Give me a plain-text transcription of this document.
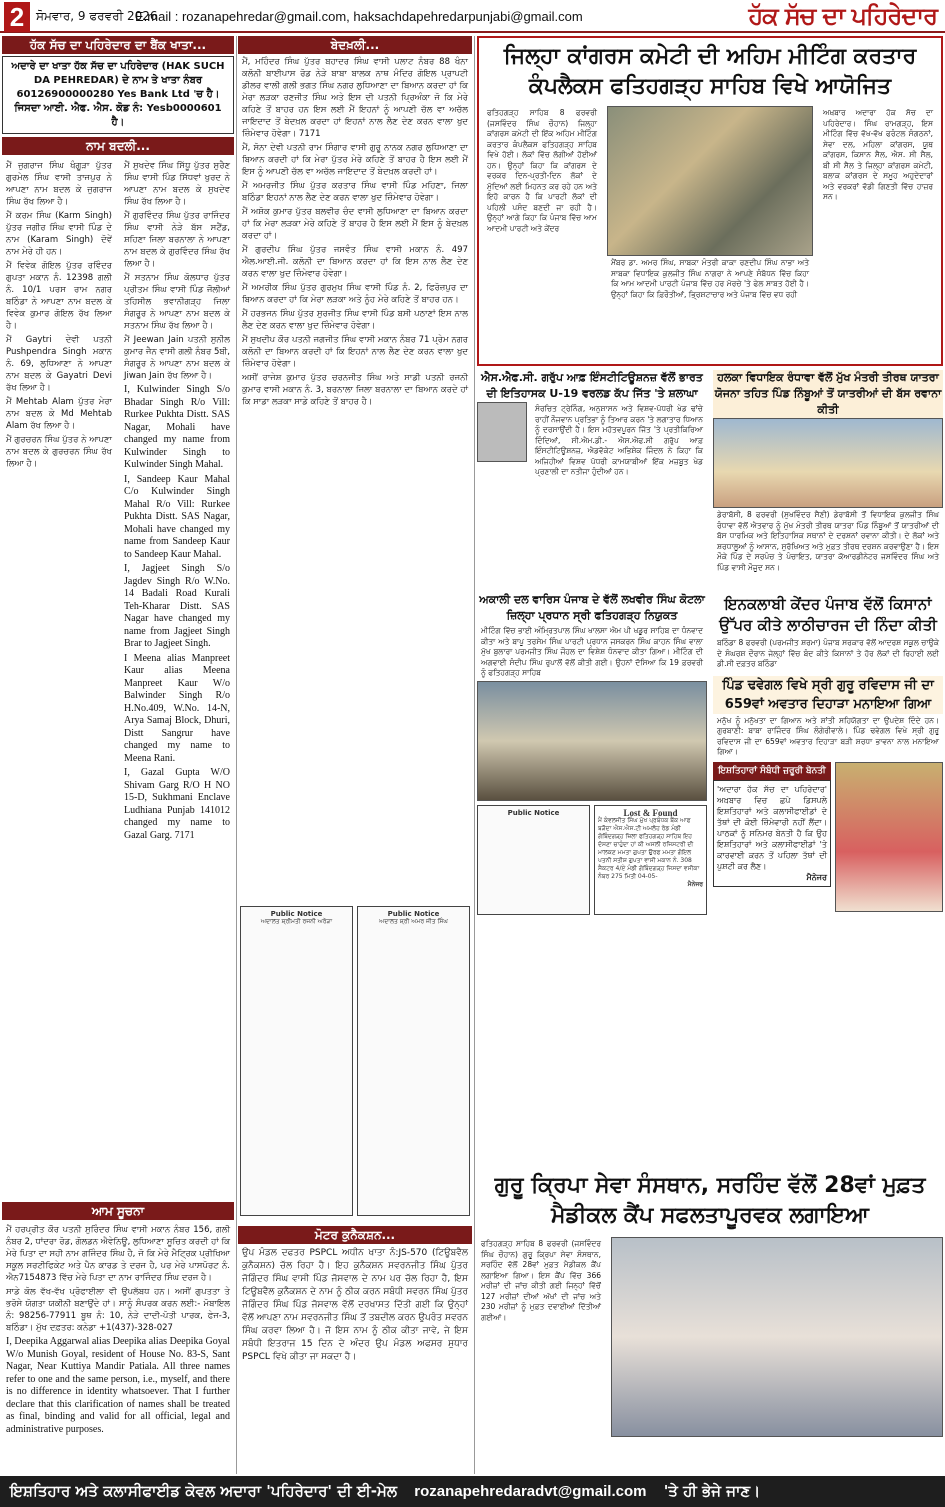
2 ਸੋਮਵਾਰ, 9 ਫਰਵਰੀ 2026
E.mail : rozanapehredar@gmail.com, haksachdapehredarpunjabi@gmail.com	ਹੱਕ ਸੱਚ ਦਾ ਪਹਿਰੇਦਾਰ
ਹੱਕ ਸੱਚ ਦਾ ਪਹਿਰੇਦਾਰ ਦਾ ਬੈਂਕ ਖਾਤਾ...
ਅਦਾਰੇ ਦਾ ਖਾਤਾ ਹੱਕ ਸੱਚ ਦਾ ਪਹਿਰੇਦਾਰ (HAK SUCH DA PEHREDAR) ਦੇ ਨਾਮ ਤੇ ਖਾਤਾ ਨੰਬਰ 60126900000280 Yes Bank Ltd 'ਚ ਹੈ। ਜਿਸਦਾ ਆਈ. ਐਫ. ਐਸ. ਕੋਡ ਨੰ: Yesb0000601 ਹੈ।
ਨਾਮ ਬਦਲੀ...

ਮੈਂ ਜੁਗਰਾਜ ਸਿੰਘ ਖੰਗੂੜਾ ਪੁੱਤਰ ਗੁਰਮੇਲ ਸਿੰਘ ਵਾਸੀ ਤਾਜਪੁਰ ਨੇ ਆਪਣਾ ਨਾਮ ਬਦਲ ਕੇ ਜੁਗਰਾਜ ਸਿੰਘ ਰੱਖ ਲਿਆ ਹੈ।

ਮੈਂ ਕਰਮ ਸਿੰਘ (Karm Singh) ਪੁੱਤਰ ਜਗੀਰ ਸਿੰਘ ਵਾਸੀ ਪਿੰਡ ਦੇ ਨਾਮ (Karam Singh) ਦੋਵੇਂ ਨਾਮ ਮੇਰੇ ਹੀ ਹਨ।

ਮੈਂ ਵਿਵੇਕ ਗੋਇਲ ਪੁੱਤਰ ਰਵਿੰਦਰ ਗੁਪਤਾ ਮਕਾਨ ਨੰ. 12398 ਗਲੀ ਨੰ. 10/1 ਪਰਸ ਰਾਮ ਨਗਰ ਬਠਿੰਡਾ ਨੇ ਆਪਣਾ ਨਾਮ ਬਦਲ ਕੇ ਵਿਵੇਕ ਕੁਮਾਰ ਗੋਇਲ ਰੱਖ ਲਿਆ ਹੈ।

ਮੈਂ Gaytri ਦੇਵੀ ਪਤਨੀ Pushpendra Singh ਮਕਾਨ ਨੰ. 69, ਲੁਧਿਆਣਾ ਨੇ ਆਪਣਾ ਨਾਮ ਬਦਲ ਕੇ Gayatri Devi ਰੱਖ ਲਿਆ ਹੈ।

ਮੈਂ Mehtab Alam ਪੁੱਤਰ ਮੇਰਾ ਨਾਮ ਬਦਲ ਕੇ Md Mehtab Alam ਰੱਖ ਲਿਆ ਹੈ।

ਮੈਂ ਗੁਰਚਰਨ ਸਿੰਘ ਪੁੱਤਰ ਨੇ ਆਪਣਾ ਨਾਮ ਬਦਲ ਕੇ ਗੁਰਚਰਨ ਸਿੰਘ ਰੱਖ ਲਿਆ ਹੈ।

ਮੈਂ ਸੁਖਦੇਵ ਸਿੰਘ ਸਿੱਧੂ ਪੁੱਤਰ ਸੁਰੈਣ ਸਿੰਘ ਵਾਸੀ ਪਿੰਡ ਸਿੱਧਵਾਂ ਖੁਰਦ ਨੇ ਆਪਣਾ ਨਾਮ ਬਦਲ ਕੇ ਸੁਖਦੇਵ ਸਿੰਘ ਰੱਖ ਲਿਆ ਹੈ।

ਮੈਂ ਗੁਰਵਿੰਦਰ ਸਿੰਘ ਪੁੱਤਰ ਰਾਜਿੰਦਰ ਸਿੰਘ ਵਾਸੀ ਨੇੜੇ ਬੱਸ ਸਟੈਂਡ, ਸ਼ਹਿਣਾ ਜਿਲਾ ਬਰਨਾਲਾ ਨੇ ਆਪਣਾ ਨਾਮ ਬਦਲ ਕੇ ਗੁਰਵਿੰਦਰ ਸਿੰਘ ਰੱਖ ਲਿਆ ਹੈ।

ਮੈਂ ਸਤਨਾਮ ਸਿੰਘ ਕੋਲਧਾਰ ਪੁੱਤਰ ਪ੍ਰੀਤਮ ਸਿੰਘ ਵਾਸੀ ਪਿੰਡ ਜੌਲੀਆਂ ਤਹਿਸੀਲ ਭਵਾਨੀਗੜ੍ਹ ਜਿਲਾ ਸੰਗਰੂਰ ਨੇ ਆਪਣਾ ਨਾਮ ਬਦਲ ਕੇ ਸਤਨਾਮ ਸਿੰਘ ਰੱਖ ਲਿਆ ਹੈ।

ਮੈਂ Jeewan Jain ਪਤਨੀ ਸੁਨੀਲ ਕੁਮਾਰ ਜੈਨ ਵਾਸੀ ਗਲੀ ਨੰਬਰ 5ਬੀ, ਸੰਗਰੂਰ ਨੇ ਆਪਣਾ ਨਾਮ ਬਦਲ ਕੇ Jiwan Jain ਰੱਖ ਲਿਆ ਹੈ।

I, Kulwinder Singh S/o Bhadar Singh R/o Vill: Rurkee Pukhta Distt. SAS Nagar, Mohali have changed my name from Kulwinder Singh to Kulwinder Singh Mahal.

I, Sandeep Kaur Mahal C/o Kulwinder Singh Mahal R/o Vill: Rurkee Pukhta Distt. SAS Nagar, Mohali have changed my name from Sandeep Kaur to Sandeep Kaur Mahal.

I, Jagjeet Singh S/o Jagdev Singh R/o W.No. 14 Badali Road Kurali Teh-Kharar Distt. SAS Nagar have changed my name from Jagjeet Singh Brar to Jagjeet Singh.

I Meena alias Manpreet Kaur alias Meena Manpreet Kaur W/o Balwinder Singh R/o H.No.409, W.No. 14-N, Arya Samaj Block, Dhuri, Distt Sangrur have changed my name to Meena Rani.

I, Gazal Gupta W/O Shivam Garg R/O H NO 15-D, Sukhmani Enclave Ludhiana Punjab 141012 changed my name to Gazal Garg. 7171

ਆਮ ਸੂਚਨਾ

ਮੈਂ ਹਰਪ੍ਰੀਤ ਕੌਰ ਪਤਨੀ ਸੁਰਿੰਦਰ ਸਿੰਘ ਵਾਸੀ ਮਕਾਨ ਨੰਬਰ 156, ਗਲੀ ਨੰਬਰ 2, ਧਾਂਦਰਾ ਰੋਡ, ਗੋਲਡਨ ਐਵੇਨਿਊ, ਲੁਧਿਆਣਾ ਸੂਚਿਤ ਕਰਦੀ ਹਾਂ ਕਿ ਮੇਰੇ ਪਿਤਾ ਦਾ ਸਹੀ ਨਾਮ ਗਜਿੰਦਰ ਸਿੰਘ ਹੈ, ਜੋ ਕਿ ਮੇਰੇ ਮੈਟ੍ਰਿਕ ਪ੍ਰੀਖਿਆ ਸਕੂਲ ਸਰਟੀਫਿਕੇਟ ਅਤੇ ਪੈਨ ਕਾਰਡ ਤੇ ਦਰਜ ਹੈ, ਪਰ ਮੇਰੇ ਪਾਸਪੋਰਟ ਨੰ. ਐਨ7154873 ਵਿੱਚ ਮੇਰੇ ਪਿਤਾ ਦਾ ਨਾਮ ਰਾਜਿੰਦਰ ਸਿੰਘ ਦਰਜ ਹੈ।

ਸਾਡੇ ਕੋਲ ਵੱਖ-ਵੱਖ ਪ੍ਰੋਫਾਈਲਾ ਵੀ ਉਪਲੱਬਧ ਹਨ। ਅਸੀਂ ਗੁਪਤਤਾ ਤੇ ਭਰੋਸੇ ਯੋਗਤਾ ਯਕੀਨੀ ਬਣਾਉਂਦੇ ਹਾਂ। ਸਾਨੂੰ ਸੰਪਰਕ ਕਰਨ ਲਈ:- ਮੋਬਾਇਲ ਨੰ: 98256-77911 ਬੂਥ ਨੰ: 10, ਨੇੜੇ ਦਾਦੀ-ਪੋਤੀ ਪਾਰਕ, ਫੇਜ-3, ਬਠਿੰਡਾ। ਮੁੱਖ ਦਫ਼ਤਰ: ਕਨੇਡਾ +1(437)-328-027

I, Deepika Aggarwal alias Deepika alias Deepika Goyal W/o Munish Goyal, resident of House No. 83-S, Sant Nagar, Near Kuttiya Mandir Patiala. All three names refer to one and the same person, i.e., myself, and there is no difference in identity whatsoever. That I further declare that this clarification of names shall be treated as final, binding and valid for all official, legal and administrative purposes.

ਬੇਦਖ਼ਲੀ...

ਮੈਂ, ਮਹਿੰਦਰ ਸਿੰਘ ਪੁੱਤਰ ਬਹਾਦਰ ਸਿੰਘ ਵਾਸੀ ਪਲਾਟ ਨੰਬਰ 88 ਖੰਨਾ ਕਲੋਨੀ ਬਾਈਪਾਸ ਰੋਡ ਨੇੜੇ ਬਾਬਾ ਬਾਲਕ ਨਾਥ ਮੰਦਿਰ ਗੋਇਲ ਪ੍ਰਾਪਟੀ ਡੀਲਰ ਵਾਲੀ ਗਲੀ ਭਗਤ ਸਿੰਘ ਨਗਰ ਲੁਧਿਆਣਾ ਦਾ ਬਿਆਨ ਕਰਦਾ ਹਾਂ ਕਿ ਮੇਰਾ ਲੜਕਾ ਰਣਜੀਤ ਸਿੰਘ ਅਤੇ ਇਸ ਦੀ ਪਤਨੀ ਪ੍ਰਿਅੰਕਾ ਜੋ ਕਿ ਮੇਰੇ ਕਹਿਣੇ ਤੋਂ ਬਾਹਰ ਹਨ ਇਸ ਲਈ ਮੈਂ ਇਹਨਾਂ ਨੂੰ ਆਪਣੀ ਚੱਲ ਵਾ ਅਚੱਲ ਜਾਇਦਾਦ ਤੋਂ ਬੇਦਖ਼ਲ ਕਰਦਾ ਹਾਂ ਇਹਨਾਂ ਨਾਲ ਲੈਣ ਦੇਣ ਕਰਨ ਵਾਲਾ ਖੁਦ ਜ਼ਿੰਮੇਵਾਰ ਹੋਵੇਗਾ। 7171

ਮੈਂ, ਸੋਨਾ ਦੇਵੀ ਪਤਨੀ ਰਾਮ ਸਿੰਗਾਰ ਵਾਸੀ ਗੁਰੂ ਨਾਨਕ ਨਗਰ ਲੁਧਿਆਣਾ ਦਾ ਬਿਆਨ ਕਰਦੀ ਹਾਂ ਕਿ ਮੇਰਾ ਪੁੱਤਰ ਮੇਰੇ ਕਹਿਣੇ ਤੋਂ ਬਾਹਰ ਹੈ ਇਸ ਲਈ ਮੈਂ ਇਸ ਨੂੰ ਆਪਣੀ ਚੱਲ ਵਾ ਅਚੱਲ ਜਾਇਦਾਦ ਤੋਂ ਬੇਦਖ਼ਲ ਕਰਦੀ ਹਾਂ।

ਮੈਂ ਅਮਰਜੀਤ ਸਿੰਘ ਪੁੱਤਰ ਕਰਤਾਰ ਸਿੰਘ ਵਾਸੀ ਪਿੰਡ ਮਹਿਣਾ, ਜਿਲਾ ਬਠਿੰਡਾ ਇਹਨਾਂ ਨਾਲ ਲੈਣ ਦੇਣ ਕਰਨ ਵਾਲਾ ਖੁਦ ਜ਼ਿੰਮੇਵਾਰ ਹੋਵੇਗਾ।

ਮੈਂ ਅਸ਼ੋਕ ਕੁਮਾਰ ਪੁੱਤਰ ਬਲਵੀਰ ਚੰਦ ਵਾਸੀ ਲੁਧਿਆਣਾ ਦਾ ਬਿਆਨ ਕਰਦਾ ਹਾਂ ਕਿ ਮੇਰਾ ਲੜਕਾ ਮੇਰੇ ਕਹਿਣੇ ਤੋਂ ਬਾਹਰ ਹੈ ਇਸ ਲਈ ਮੈਂ ਇਸ ਨੂੰ ਬੇਦਖ਼ਲ ਕਰਦਾ ਹਾਂ।

ਮੈਂ ਗੁਰਦੀਪ ਸਿੰਘ ਪੁੱਤਰ ਜਸਵੰਤ ਸਿੰਘ ਵਾਸੀ ਮਕਾਨ ਨੰ. 497 ਐਲ.ਆਈ.ਜੀ. ਕਲੋਨੀ ਦਾ ਬਿਆਨ ਕਰਦਾ ਹਾਂ ਕਿ ਇਸ ਨਾਲ ਲੈਣ ਦੇਣ ਕਰਨ ਵਾਲਾ ਖੁਦ ਜ਼ਿੰਮੇਵਾਰ ਹੋਵੇਗਾ।

ਮੈਂ ਅਮਰੀਕ ਸਿੰਘ ਪੁੱਤਰ ਗੁਰਮੁਖ ਸਿੰਘ ਵਾਸੀ ਪਿੰਡ ਨੰ. 2, ਫਿਰੋਜ਼ਪੁਰ ਦਾ ਬਿਆਨ ਕਰਦਾ ਹਾਂ ਕਿ ਮੇਰਾ ਲੜਕਾ ਅਤੇ ਨੂੰਹ ਮੇਰੇ ਕਹਿਣੇ ਤੋਂ ਬਾਹਰ ਹਨ।

ਮੈਂ ਹਰਭਜਨ ਸਿੰਘ ਪੁੱਤਰ ਸੁਰਜੀਤ ਸਿੰਘ ਵਾਸੀ ਪਿੰਡ ਬਸੀ ਪਠਾਣਾਂ ਇਸ ਨਾਲ ਲੈਣ ਦੇਣ ਕਰਨ ਵਾਲਾ ਖੁਦ ਜ਼ਿੰਮੇਵਾਰ ਹੋਵੇਗਾ।

ਮੈਂ ਸੁਖਦੀਪ ਕੌਰ ਪਤਨੀ ਜਗਜੀਤ ਸਿੰਘ ਵਾਸੀ ਮਕਾਨ ਨੰਬਰ 71 ਪ੍ਰੇਮ ਨਗਰ ਕਲੋਨੀ ਦਾ ਬਿਆਨ ਕਰਦੀ ਹਾਂ ਕਿ ਇਹਨਾਂ ਨਾਲ ਲੈਣ ਦੇਣ ਕਰਨ ਵਾਲਾ ਖੁਦ ਜ਼ਿੰਮੇਵਾਰ ਹੋਵੇਗਾ।

ਅਸੀਂ ਰਾਜੇਸ਼ ਕੁਮਾਰ ਪੁੱਤਰ ਚਰਨਜੀਤ ਸਿੰਘ ਅਤੇ ਸਾਡੀ ਪਤਨੀ ਰਜਨੀ ਕੁਮਾਰ ਵਾਸੀ ਮਕਾਨ ਨੰ. 3, ਬਰਨਾਲਾ ਜਿਲਾ ਬਰਨਾਲਾ ਦਾ ਬਿਆਨ ਕਰਦੇ ਹਾਂ ਕਿ ਸਾਡਾ ਲੜਕਾ ਸਾਡੇ ਕਹਿਣੇ ਤੋਂ ਬਾਹਰ ਹੈ।

Public Notice
ਅਦਾਲਤ ਸ਼੍ਰੀਮਤੀ ਰਜਨੀ ਅਰੋੜਾ
Public Notice
ਅਦਾਲਤ ਸ਼੍ਰੀ ਅਮਰ ਜੀਤ ਸਿੰਘ
ਮੋਟਰ ਕੁਨੈਕਸ਼ਨ...

ਉਪ ਮੰਡਲ ਦਫਤਰ PSPCL ਅਧੀਨ ਖਾਤਾ ਨੰ:JS-570 (ਟਿਊਬਵੈਲ ਕੁਨੈਕਸ਼ਨ) ਚੱਲ ਰਿਹਾ ਹੈ। ਇਹ ਕੁਨੈਕਸ਼ਨ ਸਵਰਨਜੀਤ ਸਿੰਘ ਪੁੱਤਰ ਜੋਗਿੰਦਰ ਸਿੰਘ ਵਾਸੀ ਪਿੰਡ ਜੋਸਵਾਲ ਦੇ ਨਾਮ ਪਰ ਚੱਲ ਰਿਹਾ ਹੈ, ਇਸ ਟਿਊਬਵੈਲ ਕੁਨੈਕਸ਼ਨ ਦੇ ਨਾਮ ਨੂੰ ਠੀਕ ਕਰਨ ਸਬੰਧੀ ਸਵਰਨ ਸਿੰਘ ਪੁੱਤਰ ਜੋਗਿੰਦਰ ਸਿੰਘ ਪਿੰਡ ਜੋਸਵਾਲ ਵੱਲੋਂ ਦਰਖਾਸਤ ਦਿੱਤੀ ਗਈ ਕਿ ਉਨ੍ਹਾਂ ਵੱਲੋਂ ਆਪਣਾ ਨਾਮ ਸਵਰਨਜੀਤ ਸਿੰਘ ਤੋਂ ਤਬਦੀਲ ਕਰਨ ਉਪਰੰਤ ਸਵਰਨ ਸਿੰਘ ਕਰਵਾ ਲਿਆ ਹੈ। ਜੋ ਇਸ ਨਾਮ ਨੂੰ ਠੀਕ ਕੀਤਾ ਜਾਵੇ, ਜੇ ਇਸ ਸਬੰਧੀ ਇਤਰਾਜ 15 ਦਿਨ ਦੇ ਅੰਦਰ ਉਪ ਮੰਡਲ ਅਫਸਰ ਸੁਧਾਰ PSPCL ਵਿਖੇ ਕੀਤਾ ਜਾ ਸਕਦਾ ਹੈ।

ਜਿਲ੍ਹਾ ਕਾਂਗਰਸ ਕਮੇਟੀ ਦੀ ਅਹਿਮ ਮੀਟਿੰਗ ਕਰਤਾਰ ਕੰਪਲੈਕਸ ਫਤਿਹਗੜ੍ਹ ਸਾਹਿਬ ਵਿਖੇ ਆਯੋਜਿਤ

ਫਤਿਹਗੜ੍ਹ ਸਾਹਿਬ 8 ਫਰਵਰੀ (ਜਸਵਿੰਦਰ ਸਿੰਘ ਚੌਹਾਨ) ਜਿਲ੍ਹਾ ਕਾਂਗਰਸ ਕਮੇਟੀ ਦੀ ਇੱਕ ਅਹਿਮ ਮੀਟਿੰਗ ਕਰਤਾਰ ਕੰਪਲੈਕਸ ਫਤਿਹਗੜ੍ਹ ਸਾਹਿਬ ਵਿਖੇ ਹੋਈ। ਲੋਕਾਂ ਵਿੱਚ ਲੱਗੀਆਂ ਹੋਈਆਂ ਹਨ। ਉਨ੍ਹਾਂ ਕਿਹਾ ਕਿ ਕਾਂਗਰਸ ਦੇ ਵਰਕਰ ਦਿਨ-ਪ੍ਰਤੀ-ਦਿਨ ਲੋਕਾਂ ਦੇ ਮੁੱਦਿਆਂ ਲਈ ਮਿਹਨਤ ਕਰ ਰਹੇ ਹਨ ਅਤੇ ਇਹੋ ਕਾਰਨ ਹੈ ਕਿ ਪਾਰਟੀ ਲੋਕਾਂ ਦੀ ਪਹਿਲੀ ਪਸੰਦ ਬਣਦੀ ਜਾ ਰਹੀ ਹੈ। ਉਨ੍ਹਾਂ ਆਗੇ ਕਿਹਾ ਕਿ ਪੰਜਾਬ ਵਿੱਚ ਆਮ ਆਦਮੀ ਪਾਰਟੀ ਅਤੇ ਕੇਂਦਰ

ਮੈਂਬਰ ਡਾ. ਅਮਰ ਸਿੰਘ, ਸਾਬਕਾ ਮੰਤਰੀ ਕਾਕਾ ਰਣਦੀਪ ਸਿੰਘ ਨਾਭਾ ਅਤੇ ਸਾਬਕਾ ਵਿਧਾਇਕ ਕੁਲਜੀਤ ਸਿੰਘ ਨਾਗਰਾ ਨੇ ਆਪਣੇ ਸੰਬੋਧਨ ਵਿੱਚ ਕਿਹਾ ਕਿ ਆਮ ਆਦਮੀ ਪਾਰਟੀ ਪੰਜਾਬ ਵਿੱਚ ਹਰ ਮੋਰਚੇ 'ਤੇ ਫੇਲ ਸਾਬਤ ਹੋਈ ਹੈ। ਉਨ੍ਹਾਂ ਕਿਹਾ ਕਿ ਫ਼ਿਰੌਤੀਆਂ, ਭ੍ਰਿਸ਼ਟਾਚਾਰ ਅਤੇ ਪੰਜਾਬ ਵਿੱਚ ਵਧ ਰਹੀ

ਅਖ਼ਬਾਰ ਅਦਾਰਾ ਹੱਕ ਸੱਚ ਦਾ ਪਹਿਰੇਦਾਰ। ਸਿੰਘ ਰਾਮਗੜ੍ਹ, ਇਸ ਮੀਟਿੰਗ ਵਿੱਚ ਵੱਖ-ਵੱਖ ਫਰੰਟਲ ਸੰਗਠਨਾਂ, ਸੇਵਾ ਦਲ, ਮਹਿਲਾ ਕਾਂਗਰਸ, ਯੂਥ ਕਾਂਗਰਸ, ਕਿਸਾਨ ਸੈਲ, ਐਸ. ਸੀ ਸੈਲ, ਬੀ ਸੀ ਸੈਲ ਤੇ ਜਿਲ੍ਹਾ ਕਾਂਗਰਸ ਕਮੇਟੀ, ਬਲਾਕ ਕਾਂਗਰਸ ਦੇ ਸਮੂਹ ਅਹੁਦੇਦਾਰਾਂ ਅਤੇ ਵਰਕਰਾਂ ਵੱਡੀ ਗਿਣਤੀ ਵਿੱਚ ਹਾਜ਼ਰ ਸਨ।

ਐਸ.ਐਫ.ਸੀ. ਗਰੁੱਪ ਆਫ਼ ਇੰਸਟੀਟਿਊਸ਼ਨਜ਼ ਵੱਲੋਂ ਭਾਰਤ ਦੀ ਇਤਿਹਾਸਕ U-19 ਵਰਲਡ ਕੱਪ ਜਿੱਤ 'ਤੇ ਸ਼ਲਾਘਾ

ਸੰਰਚਿਤ ਟ੍ਰੇਨਿੰਗ, ਅਨੁਸ਼ਾਸਨ ਅਤੇ ਵਿਸ਼ਵ-ਪੱਧਰੀ ਖੇਡ ਢਾਂਚੇ ਰਾਹੀਂ ਨੌਜਵਾਨ ਪ੍ਰਤਿਭਾ ਨੂੰ ਤਿਆਰ ਕਰਨ 'ਤੇ ਲਗਾਤਾਰ ਧਿਆਨ ਨੂੰ ਦਰਸਾਉਂਦੀ ਹੈ। ਇਸ ਮਹੱਤਵਪੂਰਨ ਜਿੱਤ 'ਤੇ ਪ੍ਰਤੀਕਿਰਿਆ ਦਿੰਦਿਆਂ, ਸੀ.ਐਮ.ਡੀ.- ਐਸ.ਐਫ.ਸੀ ਗਰੁੱਪ ਆਫ਼ ਇੰਸਟੀਟਿਊਸ਼ਨਜ਼, ਐਡਵੋਕੇਟ ਅਭਿਸ਼ੇਕ ਜਿੰਦਲ ਨੇ ਕਿਹਾ ਕਿ ਅਜਿਹੀਆਂ ਵਿਸ਼ਵ ਪੱਧਰੀ ਕਾਮਯਾਬੀਆਂ ਇੱਕ ਮਜ਼ਬੂਤ ਖੇਡ ਪ੍ਰਣਾਲੀ ਦਾ ਨਤੀਜਾ ਹੁੰਦੀਆਂ ਹਨ।

ਹਲਕਾ ਵਿਧਾਇਕ ਰੰਧਾਵਾ ਵੱਲੋਂ ਮੁੱਖ ਮੰਤਰੀ ਤੀਰਥ ਯਾਤਰਾ ਯੋਜਨਾ ਤਹਿਤ ਪਿੰਡ ਨਿੰਬੂਆਂ ਤੋਂ ਯਾਤਰੀਆਂ ਦੀ ਬੱਸ ਰਵਾਨਾ ਕੀਤੀ

ਡੇਰਾਬੱਸੀ, 8 ਫਰਵਰੀ (ਸੁਖਵਿੰਦਰ ਸੈਣੀ) ਡੇਰਾਬੱਸੀ ਤੋਂ ਵਿਧਾਇਕ ਕੁਲਜੀਤ ਸਿੰਘ ਰੰਧਾਵਾ ਵੱਲੋਂ ਐਤਵਾਰ ਨੂੰ ਮੁੱਖ ਮੰਤਰੀ ਤੀਰਥ ਯਾਤਰਾ ਪਿੰਡ ਨਿੰਬੂਆਂ ਤੋਂ ਯਾਤਰੀਆਂ ਦੀ ਬੱਸ ਧਾਰਮਿਕ ਅਤੇ ਇਤਿਹਾਸਿਕ ਸਥਾਨਾਂ ਦੇ ਦਰਸ਼ਨਾਂ ਰਵਾਨਾ ਕੀਤੀ। ਦੇ ਲੋਕਾਂ ਅਤੇ ਸ਼ਰਧਾਲੂਆਂ ਨੂੰ ਆਸਾਨ, ਸੁਰੱਖਿਅਤ ਅਤੇ ਮੁਫ਼ਤ ਤੀਰਥ ਦਰਸ਼ਨ ਕਰਵਾਉਣਾ ਹੈ। ਇਸ ਮੌਕੇ ਪਿੰਡ ਦੇ ਸਰਪੰਚ ਤੇ ਪੰਚਾਇਤ, ਯਾਤਰਾ ਕੋਆਰਡੀਨੇਟਰ ਜਸਵਿੰਦਰ ਸਿੰਘ ਅਤੇ ਪਿੰਡ ਵਾਸੀ ਮੌਜੂਦ ਸਨ।

ਅਕਾਲੀ ਦਲ ਵਾਰਿਸ ਪੰਜਾਬ ਦੇ ਵੱਲੋਂ ਲਖਵੀਰ ਸਿੰਘ ਕੋਟਲਾ ਜ਼ਿਲ੍ਹਾ ਪ੍ਰਧਾਨ ਸ੍ਰੀ ਫਤਿਹਗੜ੍ਹ ਨਿਯੁਕਤ

ਮੀਟਿੰਗ ਵਿੱਚ ਭਾਈ ਅੰਮ੍ਰਿਤਪਾਲ ਸਿੰਘ ਖਾਲਸਾ ਐਮ ਪੀ ਖਡੂਰ ਸਾਹਿਬ ਦਾ ਧੰਨਵਾਦ ਕੀਤਾ ਅਤੇ ਬਾਪੂ ਤਰਸੇਮ ਸਿੰਘ ਪਾਰਟੀ ਪ੍ਰਧਾਨ ਜਸਕਰਨ ਸਿੰਘ ਕਾਹਨ ਸਿੰਘ ਵਾਲਾ ਮੁੱਖ ਬੁਲਾਰਾ ਪਰਮਜੀਤ ਸਿੰਘ ਜੌਹਲ ਦਾ ਵਿਸ਼ੇਸ਼ ਧੰਨਵਾਦ ਕੀਤਾ ਗਿਆ। ਮੀਟਿੰਗ ਦੀ ਅਗਵਾਈ ਸੰਦੀਪ ਸਿੰਘ ਰੁਪਾਲੋਂ ਵੱਲੋਂ ਕੀਤੀ ਗਈ। ਉਹਨਾਂ ਦੱਸਿਆ ਕਿ 19 ਫ਼ਰਵਰੀ ਨੂੰ ਫਤਿਹਗੜ੍ਹ ਸਾਹਿਬ

Public Notice	Lost & Found
ਮੈਂ ਕੰਵਲਜੀਤ ਸਿੰਘ ਮੁੱਖ ਪ੍ਰਬੰਧਕ ਬੈਂਕ ਆਫ ਬੜੌਦਾ ਐਸ.ਐਸ.ਟੀ ਅਮਲੋਹ ਰੋਡ ਮੰਡੀ ਗੋਬਿੰਦਗੜ੍ਹ ਜ਼ਿਲਾ ਫਤਿਹਗੜ੍ਹ ਸਾਹਿਬ ਇਹ ਦੱਸਣਾ ਚਾਹੁੰਦਾ ਹਾਂ ਕੀ ਅਸਲੀ ਰਜਿਸਟਰੀ ਦੀ ਮਾਲਕਣ ਮਮਤਾ ਗੁਪਤਾ ਉਰਫ ਮਮਤਾ ਗੋਇਲ ਪਤਨੀ ਸਤੀਸ਼ ਗੁਪਤਾ ਵਾਸੀ ਮਕਾਨ ਨੰ. 308 ਸੈਕਟਰ 4/ਏ ਮੰਡੀ ਗੋਬਿੰਦਗੜ੍ਹ ਜਿਸਦਾ ਵਸੀਕਾ ਨੰਬਰ 275 ਮਿਤੀ 04-05-
ਮੈਨੇਜਰ
ਇਨਕਲਾਬੀ ਕੇਂਦਰ ਪੰਜਾਬ ਵੱਲੋਂ ਕਿਸਾਨਾਂ ਉੱਪਰ ਕੀਤੇ ਲਾਠੀਚਾਰਜ ਦੀ ਨਿੰਦਾ ਕੀਤੀ

ਬਠਿੰਡਾ 8 ਫਰਵਰੀ (ਪਰਮਜੀਤ ਸ਼ਰਮਾ) ਪੰਜਾਬ ਸਰਕਾਰ ਵੱਲੋਂ ਆਦਰਸ਼ ਸਕੂਲ ਚਾਉਕੇ ਦੇ ਸੰਘਰਸ਼ ਦੌਰਾਨ ਜੇਲ੍ਹਾਂ ਵਿੱਚ ਬੰਦ ਕੀਤੇ ਕਿਸਾਨਾਂ ਤੇ ਹੋਰ ਲੋਕਾਂ ਦੀ ਰਿਹਾਈ ਲਈ ਡੀ.ਸੀ ਦਫ਼ਤਰ ਬਠਿੰਡਾ

ਪਿੰਡ ਢਵੇਗਲ ਵਿਖੇ ਸ੍ਰੀ ਗੁਰੂ ਰਵਿਦਾਸ ਜੀ ਦਾ 659ਵਾਂ ਅਵਤਾਰ ਦਿਹਾੜਾ ਮਨਾਇਆ ਗਿਆ

ਮਨੁੱਖ ਨੂੰ ਮਨੁੱਖਤਾ ਦਾ ਗਿਆਨ ਅਤੇ ਸ਼ਾਂਤੀ ਸਹਿਯੋਗਤਾ ਦਾ ਉਪਦੇਸ਼ ਦਿੰਦੇ ਹਨ। ਗੁਰਬਾਣੀ: ਬਾਬਾ ਰਾਜਿੰਦਰ ਸਿੰਘ ਲੰਗੇਰੀਵਾਲੇ। ਪਿੰਡ ਢਵੇਗਲ ਵਿਖੇ ਸ੍ਰੀ ਗੁਰੂ ਰਵਿਦਾਸ ਜੀ ਦਾ 659ਵਾਂ ਅਵਤਾਰ ਦਿਹਾੜਾ ਬੜੀ ਸ਼ਰਧਾ ਭਾਵਨਾ ਨਾਲ ਮਨਾਇਆ ਗਿਆ।

ਇਸ਼ਤਿਹਾਰਾਂ ਸੰਬੰਧੀ ਜ਼ਰੂਰੀ ਬੇਨਤੀ
'ਅਦਾਰਾ ਹੱਕ ਸੱਚ ਦਾ ਪਹਿਰੇਦਾਰ' ਅਖ਼ਬਾਰ ਵਿਚ ਛਪੇ ਡਿਸਪਲੇ ਇਸ਼ਤਿਹਾਰਾਂ ਅਤੇ ਕਲਾਸੀਫਾਈਡਾਂ ਦੇ ਤੱਥਾਂ ਦੀ ਕੋਈ ਜ਼ਿੰਮੇਵਾਰੀ ਨਹੀਂ ਲੈਂਦਾ। ਪਾਠਕਾਂ ਨੂੰ ਸਨਿਮਰ ਬੇਨਤੀ ਹੈ ਕਿ ਉਹ ਇਸ਼ਤਿਹਾਰਾਂ ਅਤੇ ਕਲਾਸੀਫਾਈਡਾਂ 'ਤੇ ਕਾਰਵਾਈ ਕਰਨ ਤੋਂ ਪਹਿਲਾ ਤੱਥਾਂ ਦੀ ਪੁਸ਼ਟੀ ਕਰ ਲੈਣ।
ਮੈਨੇਜਰ
ਗੁਰੂ ਕ੍ਰਿਪਾ ਸੇਵਾ ਸੰਸਥਾਨ, ਸਰਹਿੰਦ ਵੱਲੋਂ 28ਵਾਂ ਮੁਫ਼ਤ ਮੈਡੀਕਲ ਕੈਂਪ ਸਫਲਤਾਪੂਰਵਕ ਲਗਾਇਆ

ਫਤਿਹਗੜ੍ਹ ਸਾਹਿਬ 8 ਫਰਵਰੀ (ਜਸਵਿੰਦਰ ਸਿੰਘ ਚੌਹਾਨ) ਗੁਰੂ ਕ੍ਰਿਪਾ ਸੇਵਾ ਸੰਸਥਾਨ, ਸਰਹਿੰਦ ਵੱਲੋਂ 28ਵਾਂ ਮੁਫ਼ਤ ਮੈਡੀਕਲ ਕੈਂਪ ਲਗਾਇਆ ਗਿਆ। ਇਸ ਕੈਂਪ ਵਿੱਚ 366 ਮਰੀਜ਼ਾਂ ਦੀ ਜਾਂਚ ਕੀਤੀ ਗਈ ਜਿਨ੍ਹਾਂ ਵਿੱਚੋਂ 127 ਮਰੀਜ਼ਾਂ ਦੀਆਂ ਅੱਖਾਂ ਦੀ ਜਾਂਚ ਅਤੇ 230 ਮਰੀਜ਼ਾਂ ਨੂੰ ਮੁਫ਼ਤ ਦਵਾਈਆਂ ਦਿੱਤੀਆਂ ਗਈਆਂ।

ਇਸ਼ਤਿਹਾਰ ਅਤੇ ਕਲਾਸੀਫਾਈਡ ਕੇਵਲ ਅਦਾਰਾ 'ਪਹਿਰੇਦਾਰ' ਦੀ ਈ-ਮੇਲ rozanapehredaradvt@gmail.com 'ਤੇ ਹੀ ਭੇਜੇ ਜਾਣ।
